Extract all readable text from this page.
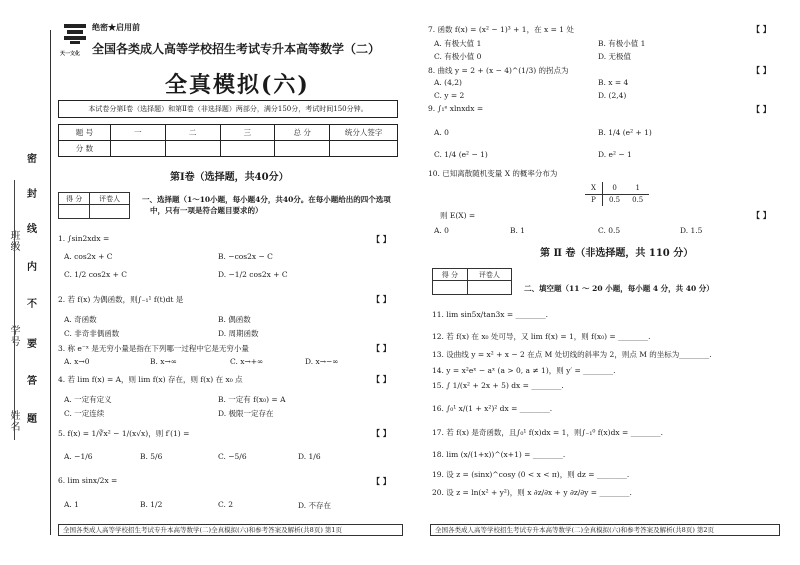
密
封
线
内
不
要
答
题
班级
学号
姓名
天一文化
绝密★启用前
全国各类成人高等学校招生考试专升本高等数学（二）
全真模拟(六)
本试卷分第Ⅰ卷（选择题）和第Ⅱ卷（非选择题）两部分，满分150分，考试时间150分钟。
题 号	一	二	三	总 分	统分人签字
分 数					
第Ⅰ卷（选择题，共40分）
得 分	评卷人
		一、选择题（1～10小题，每小题4分，共40分。在每小题给出的四个选项
中，只有一项是符合题目要求的）
1. ∫sin2xdx =	【 】
A. cos2x + C	B. −cos2x − C
C. 1/2 cos2x + C	D. −1/2 cos2x + C
2. 若 f(x) 为偶函数，则∫₋₁¹ f(t)dt 是	【 】
A. 奇函数	B. 偶函数
C. 非奇非偶函数	D. 周期函数
3. 称 e⁻ˣ 是无穷小量是指在下列哪一过程中它是无穷小量	【 】
A. x→0	B. x→∞	C. x→+∞	D. x→−∞
4. 若 lim f(x) = A，则 lim f(x) 存在，则 f(x) 在 x₀ 点	【 】
A. 一定有定义	B. 一定有 f(x₀) = A
C. 一定连续	D. 极限一定存在
5. f(x) = 1/∛x² − 1/(x√x)，则 f′(1) =	【 】
A. −1/6	B. 5/6	C. −5/6	D. 1/6
6. lim sinx/2x =	【 】
A. 1	B. 1/2	C. 2	D. 不存在
全国各类成人高等学校招生考试专升本高等数学(二)全真模拟(六)和参考答案及解析(共8页) 第1页
7. 函数 f(x) = (x² − 1)³ + 1，在 x = 1 处	【 】
A. 有极大值 1	B. 有极小值 1
C. 有极小值 0	D. 无极值
8. 曲线 y = 2 + (x − 4)^(1/3) 的拐点为	【 】
A. (4,2)	B. x = 4
C. y = 2	D. (2,4)
9. ∫₁ᵉ xlnxdx =	【 】
A. 0	B. 1/4 (e² + 1)
C. 1/4 (e² − 1)	D. e² − 1
10. 已知离散随机变量 X 的概率分布为
【 】
X	0	1
P	0.5	0.5
则 E(X) =
A. 0	B. 1	C. 0.5	D. 1.5
第 Ⅱ 卷（非选择题，共 110 分）
得 分	评卷人

二、填空题（11 ～ 20 小题，每小题 4 分，共 40 分）
11. lim sin5x/tan3x = ________.
12. 若 f(x) 在 x₀ 处可导，又 lim f(x) = 1，则 f(x₀) = ________.
13. 设曲线 y = x² + x − 2 在点 M 处切线的斜率为 2，则点 M 的坐标为________.
14. y = x²eˣ − aˣ (a > 0, a ≠ 1)，则 y′ = ________.
15. ∫ 1/(x² + 2x + 5) dx = ________.
16. ∫₀¹ x/(1 + x²)² dx = ________.
17. 若 f(x) 是奇函数，且∫₀¹ f(x)dx = 1，则∫₋₁⁰ f(x)dx = ________.
18. lim (x/(1+x))^(x+1) = ________.
19. 设 z = (sinx)^cosy (0 < x < π)，则 dz = ________.
20. 设 z = ln(x² + y²)，则 x ∂z/∂x + y ∂z/∂y = ________.
全国各类成人高等学校招生考试专升本高等数学(二)全真模拟(六)和参考答案及解析(共8页) 第2页
